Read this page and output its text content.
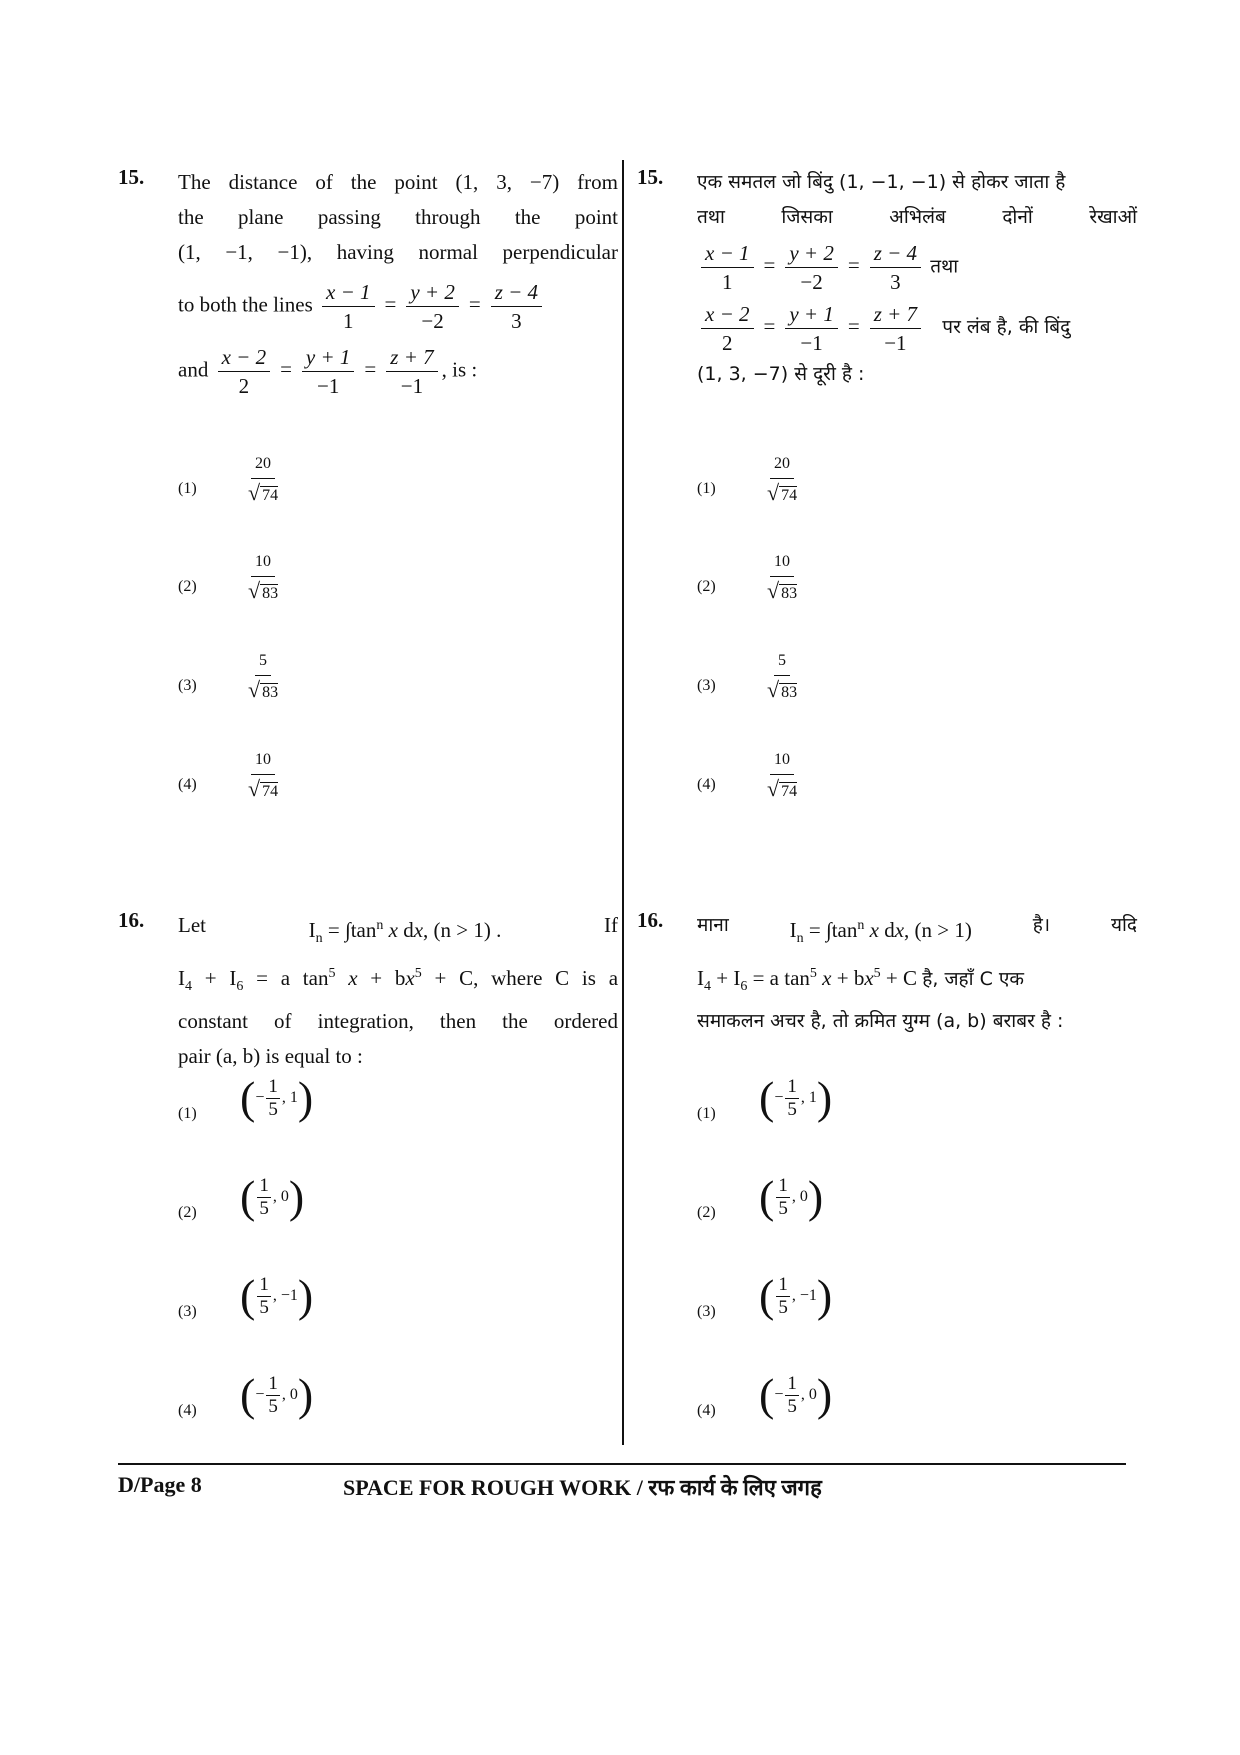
15.	15.
The distance of the point (1, 3, −7) from
the plane passing through the point
(1, −1, −1), having normal perpendicular
to both the lines $\frac{x - 1}{1} = \frac{y + 2}{-2} = \frac{z - 4}{3}$
and $\frac{x - 2}{2} = \frac{y + 1}{-1} = \frac{z + 7}{-1}$ , is :
एक समतल जो बिंदु (1, −1, −1) से होकर जाता है
तथा जिसका अभिलंब दोनों रेखाओं
$\frac{x - 1}{1} = \frac{y + 2}{-2} = \frac{z - 4}{3}$ तथा
$\frac{x - 2}{2} = \frac{y + 1}{-1} = \frac{z + 7}{-1}$ पर लंब है, की बिंदु
(1, 3, −7) से दूरी है :
(1)	$\frac{20}{√ 74}$
(2)	$\frac{10}{√ 83}$
(3)	$\frac{5}{√ 83}$
(4)	$\frac{10}{√ 74}$
(1)	$\frac{20}{√ 74}$
(2)	$\frac{10}{√ 83}$
(3)	$\frac{5}{√ 83}$
(4)	$\frac{10}{√ 74}$
16.	16.
Let	$I_n = \int\tan^n$ x dx, (n > 1) .	If
$I_4 + I_6 = a$ $\tan^5 x + bx^5 + C$, where C is a
constant of integration, then the ordered
pair (a, b) is equal to :
माना	$I_n = \int\tan^n$ x dx, (n > 1)	है।	यदि
$I_4 + I_6 = a$ $\tan^5 x + bx^5 + C$ है, जहाँ C एक
समाकलन अचर है, तो क्रमित युग्म (a, b) बराबर है :
(1) ( − $\frac{1}{5}$ , 1 )
(2) ( $\frac{1}{5}$ , 0 )
(3) ( $\frac{1}{5}$ , −1 )
(4) ( − $\frac{1}{5}$ , 0 )
(1) ( − $\frac{1}{5}$ , 1 )
(2) ( $\frac{1}{5}$ , 0 )
(3) ( $\frac{1}{5}$ , −1 )
(4) ( − $\frac{1}{5}$ , 0 )
D/Page 8	SPACE FOR ROUGH WORK / रफ कार्य के लिए जगह
